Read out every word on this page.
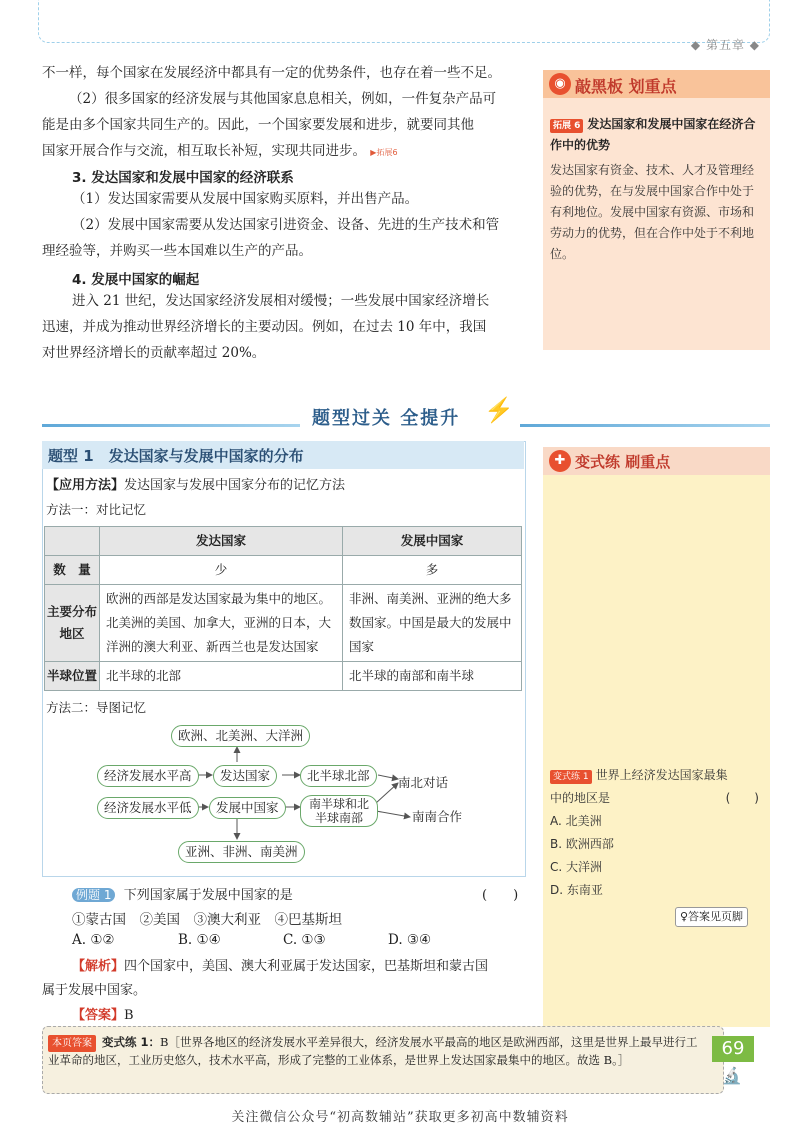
◆ 第五章 ◆
不一样，每个国家在发展经济中都具有一定的优势条件，也存在着一些不足。
（2）很多国家的经济发展与其他国家息息相关，例如，一件复杂产品可
能是由多个国家共同生产的。因此，一个国家要发展和进步，就要同其他
国家开展合作与交流，相互取长补短，实现共同进步。 ▶拓展6
3. 发达国家和发展中国家的经济联系
（1）发达国家需要从发展中国家购买原料，并出售产品。
（2）发展中国家需要从发达国家引进资金、设备、先进的生产技术和管
理经验等，并购买一些本国难以生产的产品。
4. 发展中国家的崛起
进入 21 世纪，发达国家经济发展相对缓慢；一些发展中国家经济增长
迅速，并成为推动世界经济增长的主要动因。例如，在过去 10 年中，我国
对世界经济增长的贡献率超过 20%。
◉ 敲黑板 划重点
拓展 6 发达国家和发展中国家在经济合作中的优势
发达国家有资金、技术、人才及管理经验的优势，在与发展中国家合作中处于有利地位。发展中国家有资源、市场和劳动力的优势，但在合作中处于不利地位。
题型过关 全提升 ⚡
题型 1　发达国家与发展中国家的分布
【应用方法】发达国家与发展中国家分布的记忆方法
方法一：对比记忆
	发达国家	发展中国家
数　量	少	多
主要分布地区	欧洲的西部是发达国家最为集中的地区。北美洲的美国、加拿大，亚洲的日本，大洋洲的澳大利亚、新西兰也是发达国家	非洲、南美洲、亚洲的绝大多数国家。中国是最大的发展中国家
半球位置	北半球的北部	北半球的南部和南半球
方法二：导图记忆
欧洲、北美洲、大洋洲
经济发展水平高	发达国家	北半球北部	南北对话
经济发展水平低	发展中国家	南半球和北半球南部	南南合作
亚洲、非洲、南美洲
例题 1 下列国家属于发展中国家的是	(　　)
①蒙古国　②美国　③澳大利亚　④巴基斯坦
A. ①②	B. ①④	C. ①③	D. ③④
【解析】四个国家中，美国、澳大利亚属于发达国家，巴基斯坦和蒙古国
属于发展中国家。
【答案】B
✚ 变式练 刷重点
变式练 1 世界上经济发达国家最集
中的地区是	(　　)
A. 北美洲
B. 欧洲西部
C. 大洋洲
D. 东南亚
♀答案见页脚
本页答案 变式练 1：B［世界各地区的经济发展水平差异很大，经济发展水平最高的地区是欧洲西部，这里是世界上最早进行工业革命的地区，工业历史悠久，技术水平高，形成了完整的工业体系，是世界上发达国家最集中的地区。故选 B。］
69
🔬
关注微信公众号“初高数辅站”获取更多初高中数辅资料
